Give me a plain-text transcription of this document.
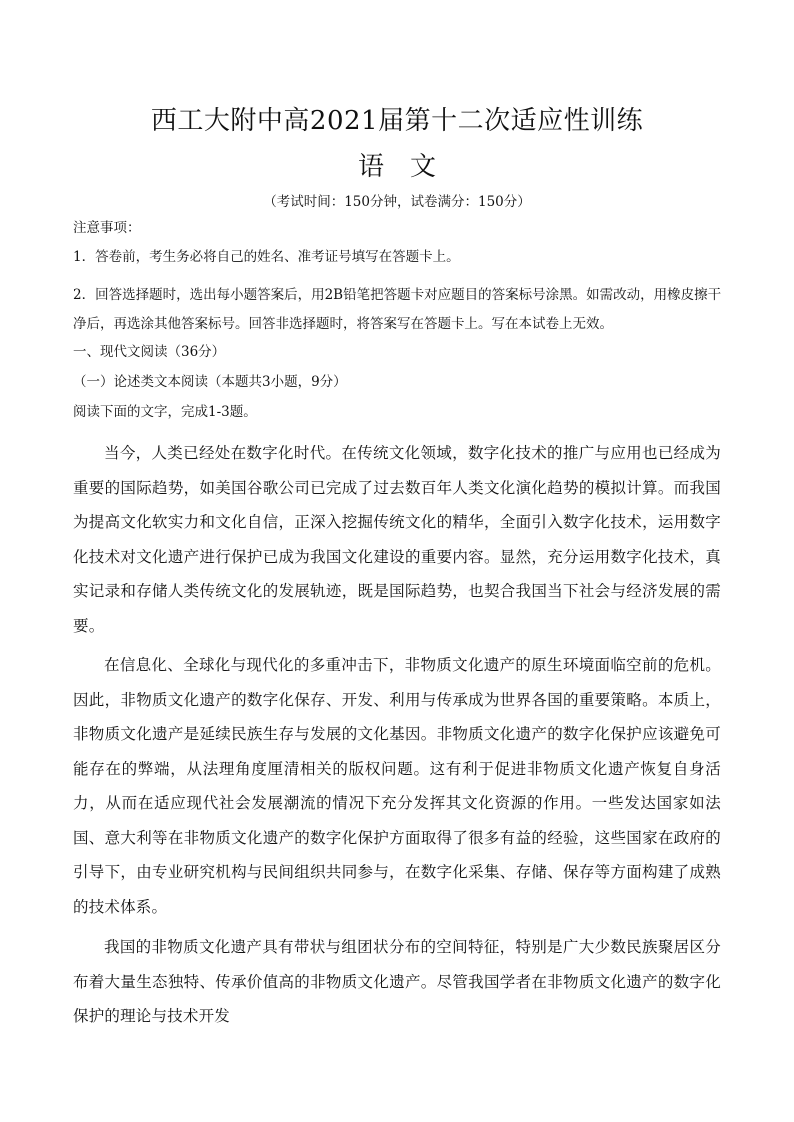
西工大附中高2021届第十二次适应性训练
语文
（考试时间：150分钟，试卷满分：150分）
注意事项：
1．答卷前，考生务必将自己的姓名、准考证号填写在答题卡上。
2．回答选择题时，选出每小题答案后，用2B铅笔把答题卡对应题目的答案标号涂黑。如需改动，用橡皮擦干净后，再选涂其他答案标号。回答非选择题时，将答案写在答题卡上。写在本试卷上无效。
一、现代文阅读（36分）
（一）论述类文本阅读（本题共3小题，9分）
阅读下面的文字，完成1-3题。
当今，人类已经处在数字化时代。在传统文化领域，数字化技术的推广与应用也已经成为重要的国际趋势，如美国谷歌公司已完成了过去数百年人类文化演化趋势的模拟计算。而我国为提高文化软实力和文化自信，正深入挖掘传统文化的精华，全面引入数字化技术，运用数字化技术对文化遗产进行保护已成为我国文化建设的重要内容。显然，充分运用数字化技术，真实记录和存储人类传统文化的发展轨迹，既是国际趋势，也契合我国当下社会与经济发展的需要。
在信息化、全球化与现代化的多重冲击下，非物质文化遗产的原生环境面临空前的危机。因此，非物质文化遗产的数字化保存、开发、利用与传承成为世界各国的重要策略。本质上，非物质文化遗产是延续民族生存与发展的文化基因。非物质文化遗产的数字化保护应该避免可能存在的弊端，从法理角度厘清相关的版权问题。这有利于促进非物质文化遗产恢复自身活力，从而在适应现代社会发展潮流的情况下充分发挥其文化资源的作用。一些发达国家如法国、意大利等在非物质文化遗产的数字化保护方面取得了很多有益的经验，这些国家在政府的引导下，由专业研究机构与民间组织共同参与，在数字化采集、存储、保存等方面构建了成熟的技术体系。
我国的非物质文化遗产具有带状与组团状分布的空间特征，特别是广大少数民族聚居区分布着大量生态独特、传承价值高的非物质文化遗产。尽管我国学者在非物质文化遗产的数字化保护的理论与技术开发
